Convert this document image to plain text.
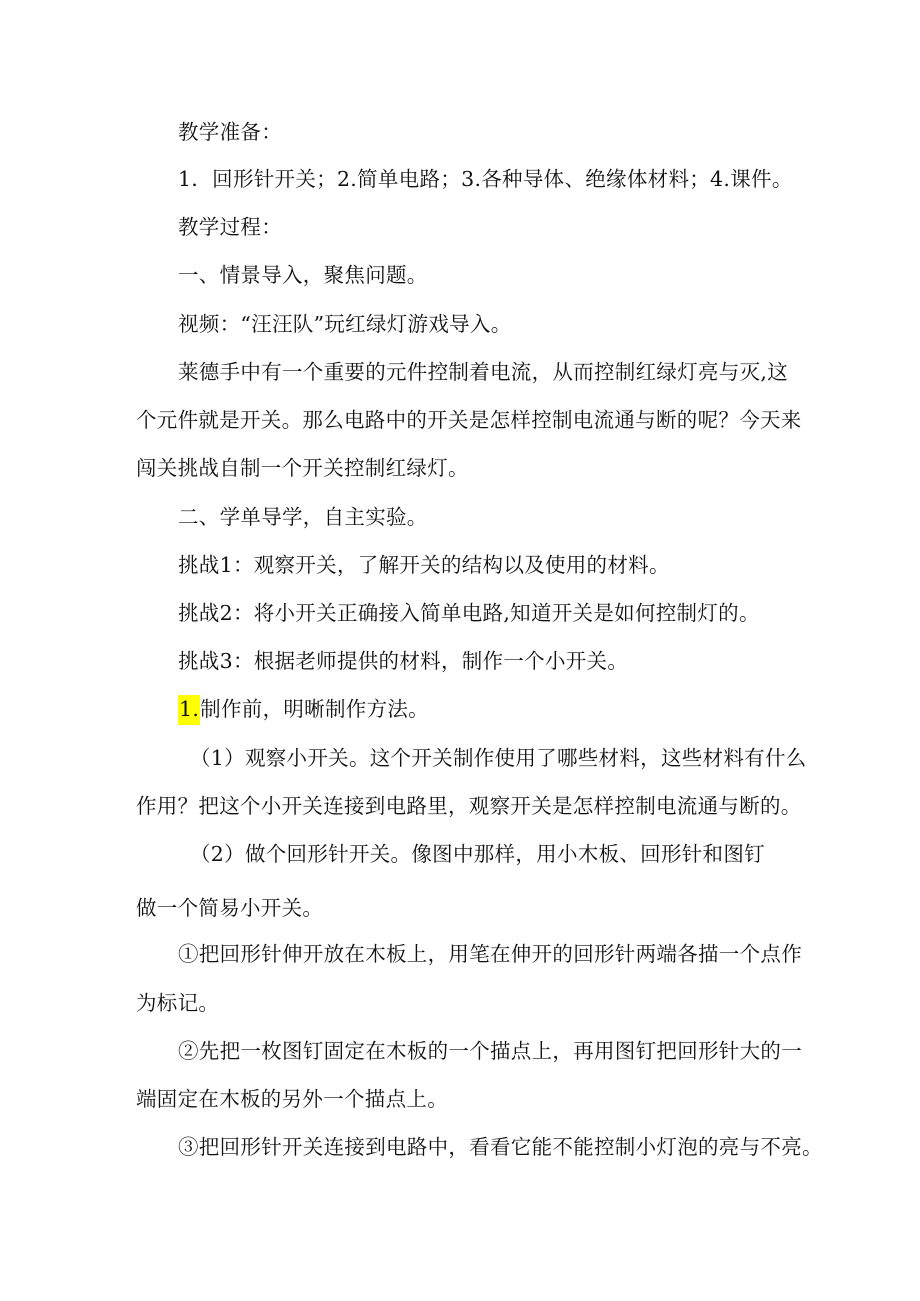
教学准备：
1．回形针开关；2.简单电路；3.各种导体、绝缘体材料；4.课件。
教学过程：
一、情景导入，聚焦问题。
视频：“汪汪队”玩红绿灯游戏导入。
莱德手中有一个重要的元件控制着电流，从而控制红绿灯亮与灭,这
个元件就是开关。那么电路中的开关是怎样控制电流通与断的呢？今天来
闯关挑战自制一个开关控制红绿灯。
二、学单导学，自主实验。
挑战1：观察开关，了解开关的结构以及使用的材料。
挑战2：将小开关正确接入简单电路,知道开关是如何控制灯的。
挑战3：根据老师提供的材料，制作一个小开关。
1.制作前，明晰制作方法。
（1）观察小开关。这个开关制作使用了哪些材料，这些材料有什么
作用？把这个小开关连接到电路里，观察开关是怎样控制电流通与断的。
（2）做个回形针开关。像图中那样，用小木板、回形针和图钉
做一个简易小开关。
①把回形针伸开放在木板上，用笔在伸开的回形针两端各描一个点作
为标记。
②先把一枚图钉固定在木板的一个描点上，再用图钉把回形针大的一
端固定在木板的另外一个描点上。
③把回形针开关连接到电路中，看看它能不能控制小灯泡的亮与不亮。
